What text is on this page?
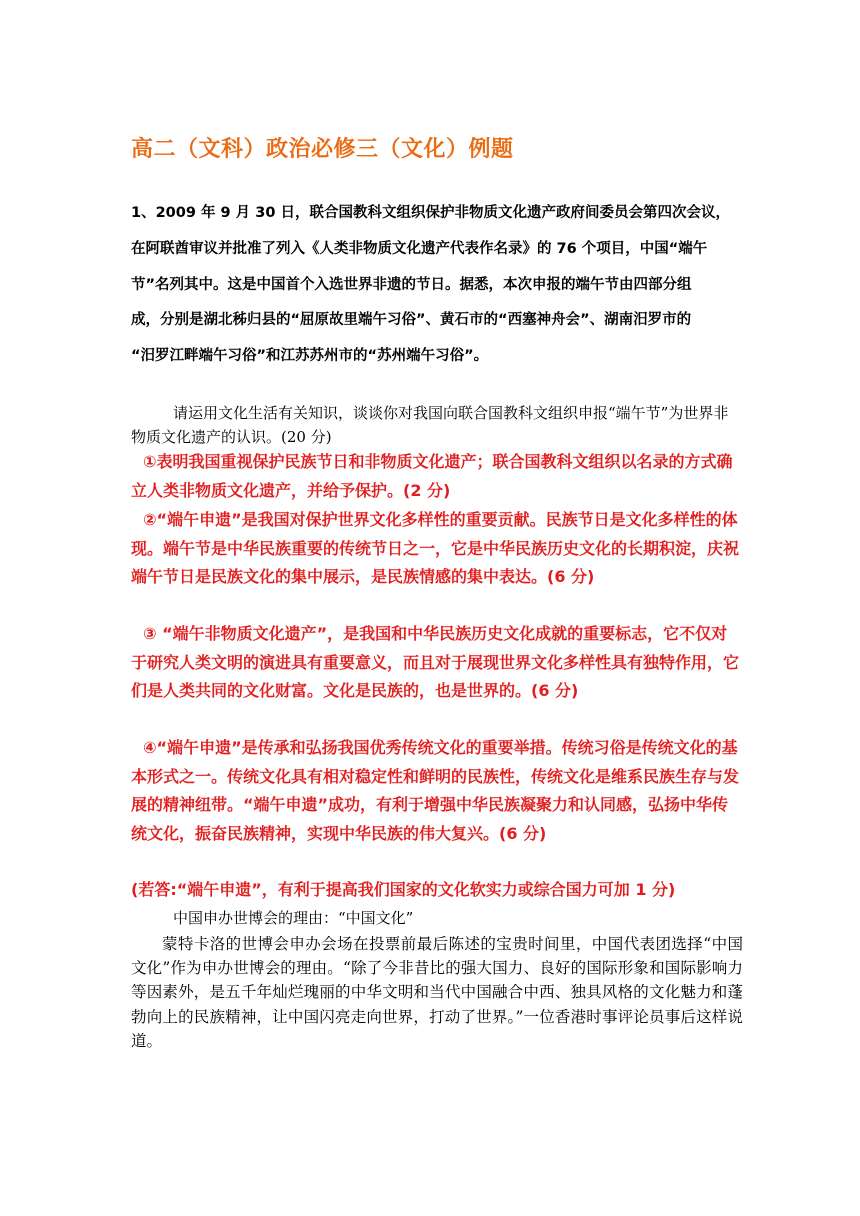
高二（文科）政治必修三（文化）例题
1、2009 年 9 月 30 日，联合国教科文组织保护非物质文化遗产政府间委员会第四次会议，
在阿联酋审议并批准了列入《人类非物质文化遗产代表作名录》的 76 个项目，中国“端午
节”名列其中。这是中国首个入选世界非遗的节日。据悉，本次申报的端午节由四部分组
成，分别是湖北秭归县的“屈原故里端午习俗”、黄石市的“西塞神舟会”、湖南汨罗市的
“汨罗江畔端午习俗”和江苏苏州市的“苏州端午习俗”。
请运用文化生活有关知识，谈谈你对我国向联合国教科文组织申报“端午节”为世界非物质文化遗产的认识。(20 分)
①表明我国重视保护民族节日和非物质文化遗产；联合国教科文组织以名录的方式确立人类非物质文化遗产，并给予保护。(2 分)
②“端午申遗”是我国对保护世界文化多样性的重要贡献。民族节日是文化多样性的体现。端午节是中华民族重要的传统节日之一，它是中华民族历史文化的长期积淀，庆祝端午节日是民族文化的集中展示，是民族情感的集中表达。(6 分)
③ “端午非物质文化遗产”，是我国和中华民族历史文化成就的重要标志，它不仅对于研究人类文明的演进具有重要意义，而且对于展现世界文化多样性具有独特作用，它们是人类共同的文化财富。文化是民族的，也是世界的。(6 分)
④“端午申遗”是传承和弘扬我国优秀传统文化的重要举措。传统习俗是传统文化的基本形式之一。传统文化具有相对稳定性和鲜明的民族性，传统文化是维系民族生存与发展的精神纽带。“端午申遗”成功，有利于增强中华民族凝聚力和认同感，弘扬中华传统文化，振奋民族精神，实现中华民族的伟大复兴。(6 分)
(若答:“端午申遗”，有利于提高我们国家的文化软实力或综合国力可加 1 分)
中国申办世博会的理由：“中国文化”
蒙特卡洛的世博会申办会场在投票前最后陈述的宝贵时间里，中国代表团选择“中国文化”作为申办世博会的理由。“除了今非昔比的强大国力、良好的国际形象和国际影响力等因素外，是五千年灿烂瑰丽的中华文明和当代中国融合中西、独具风格的文化魅力和蓬勃向上的民族精神，让中国闪亮走向世界，打动了世界。”一位香港时事评论员事后这样说道。
